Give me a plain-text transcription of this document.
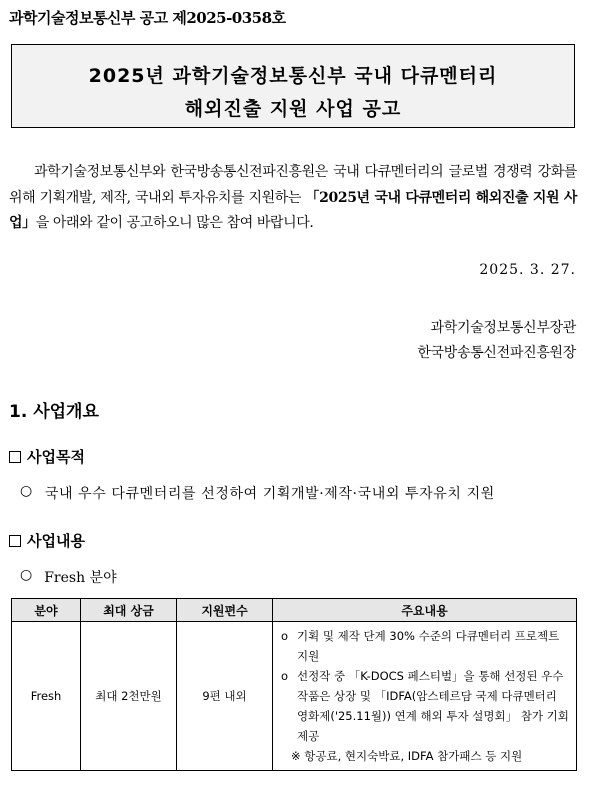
과학기술정보통신부 공고 제2025-0358호
2025년 과학기술정보통신부 국내 다큐멘터리
해외진출 지원 사업 공고
과학기술정보통신부와 한국방송통신전파진흥원은 국내 다큐멘터리의 글로벌 경쟁력 강화를 위해 기획개발, 제작, 국내외 투자유치를 지원하는 「2025년 국내 다큐멘터리 해외진출 지원 사업」을 아래와 같이 공고하오니 많은 참여 바랍니다.
2025. 3. 27.
과학기술정보통신부장관
한국방송통신전파진흥원장
1. 사업개요
사업목적
○ 국내 우수 다큐멘터리를 선정하여 기획개발·제작·국내외 투자유치 지원
사업내용
○ Fresh 분야
분야	최대 상금	지원편수	주요내용
Fresh	최대 2천만원	9편 내외	o 기획 및 제작 단계 30% 수준의 다큐멘터리 프로젝트 지원
o 선정작 중 「K-DOCS 페스티벌」을 통해 선정된 우수작품은 상장 및 「IDFA(암스테르담 국제 다큐멘터리 영화제('25.11월)) 연계 해외 투자 설명회」 참가 기회 제공
※ 항공료, 현지숙박료, IDFA 참가패스 등 지원
